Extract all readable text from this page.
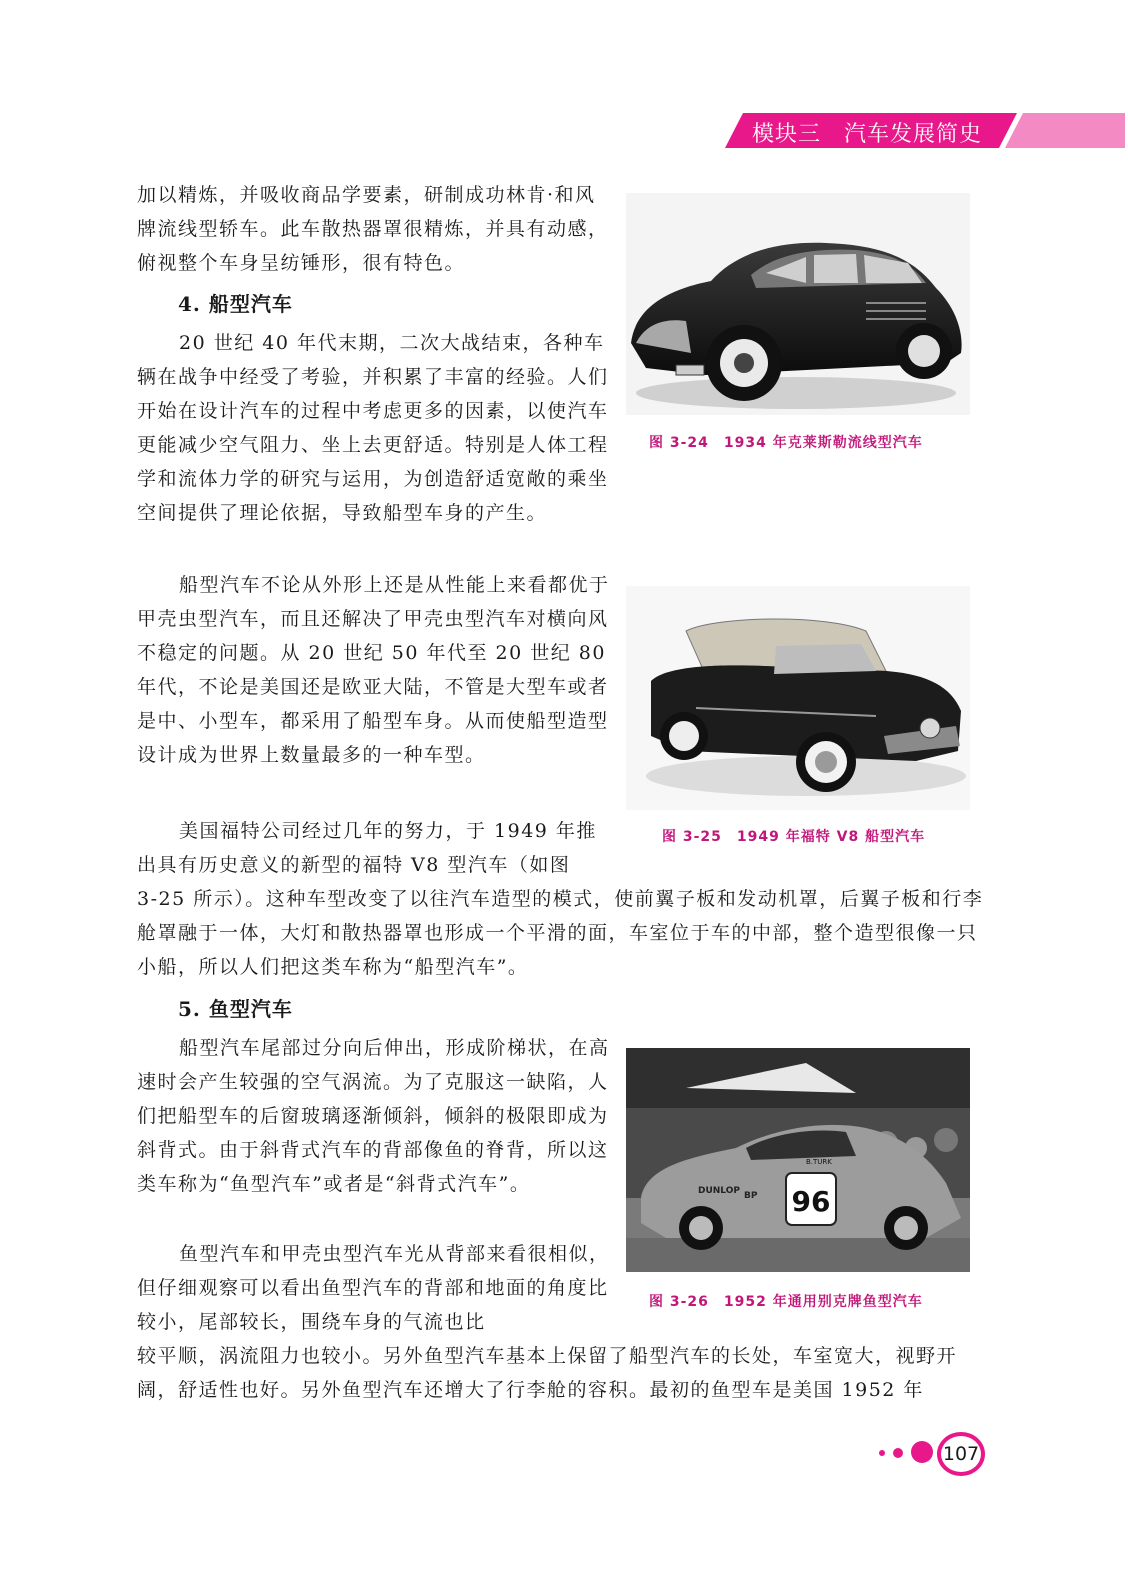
模块三　汽车发展简史

加以精炼，并吸收商品学要素，研制成功林肯·和风牌流线型轿车。此车散热器罩很精炼，并具有动感，俯视整个车身呈纺锤形，很有特色。

4. 船型汽车

20 世纪 40 年代末期，二次大战结束，各种车辆在战争中经受了考验，并积累了丰富的经验。人们开始在设计汽车的过程中考虑更多的因素，以使汽车更能减少空气阻力、坐上去更舒适。特别是人体工程学和流体力学的研究与运用，为创造舒适宽敞的乘坐空间提供了理论依据，导致船型车身的产生。

船型汽车不论从外形上还是从性能上来看都优于甲壳虫型汽车，而且还解决了甲壳虫型汽车对横向风不稳定的问题。从 20 世纪 50 年代至 20 世纪 80 年代，不论是美国还是欧亚大陆，不管是大型车或者是中、小型车，都采用了船型车身。从而使船型造型设计成为世界上数量最多的一种车型。

美国福特公司经过几年的努力，于 1949 年推出具有历史意义的新型的福特 V8 型汽车（如图

3-25 所示）。这种车型改变了以往汽车造型的模式，使前翼子板和发动机罩，后翼子板和行李舱罩融于一体，大灯和散热器罩也形成一个平滑的面，车室位于车的中部，整个造型很像一只小船，所以人们把这类车称为“船型汽车”。

5. 鱼型汽车

船型汽车尾部过分向后伸出，形成阶梯状，在高速时会产生较强的空气涡流。为了克服这一缺陷，人们把船型车的后窗玻璃逐渐倾斜，倾斜的极限即成为斜背式。由于斜背式汽车的背部像鱼的脊背，所以这类车称为“鱼型汽车”或者是“斜背式汽车”。

鱼型汽车和甲壳虫型汽车光从背部来看很相似，但仔细观察可以看出鱼型汽车的背部和地面的角度比较小，尾部较长，围绕车身的气流也比

较平顺，涡流阻力也较小。另外鱼型汽车基本上保留了船型汽车的长处，车室宽大，视野开阔，舒适性也好。另外鱼型汽车还增大了行李舱的容积。最初的鱼型车是美国 1952 年

图 3-24　1934 年克莱斯勒流线型汽车
图 3-25　1949 年福特 V8 船型汽车
96
DUNLOP BP
B.TURK
图 3-26　1952 年通用别克牌鱼型汽车
107
